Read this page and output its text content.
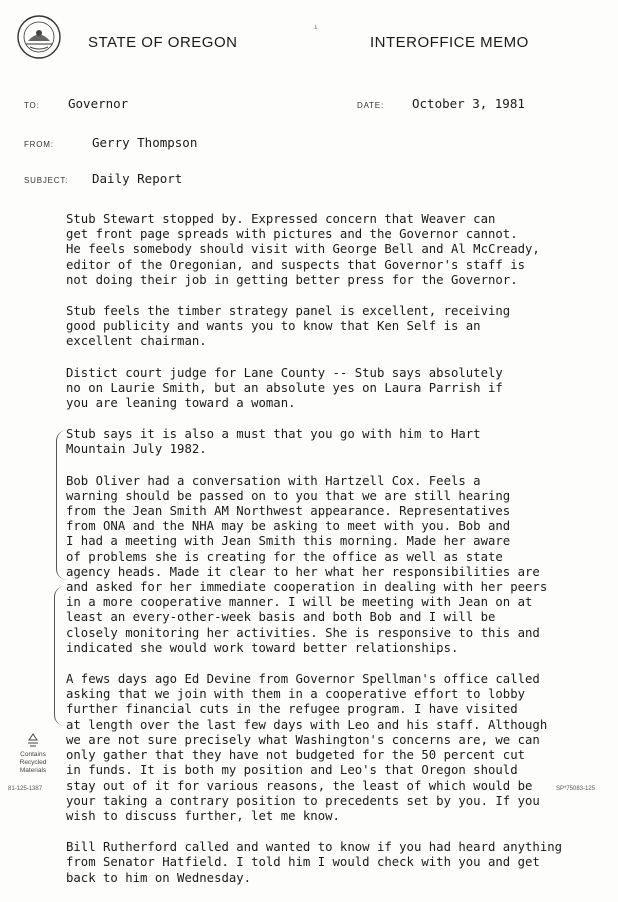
STATE OF OREGON
ı
INTEROFFICE MEMO
TO: Governor	DATE: October 3, 1981
FROM:	Gerry Thompson
SUBJECT: Daily Report

Stub Stewart stopped by. Expressed concern that Weaver can
get front page spreads with pictures and the Governor cannot.
He feels somebody should visit with George Bell and Al McCready,
editor of the Oregonian, and suspects that Governor's staff is
not doing their job in getting better press for the Governor.

Stub feels the timber strategy panel is excellent, receiving
good publicity and wants you to know that Ken Self is an
excellent chairman.

Distict court judge for Lane County -- Stub says absolutely
no on Laurie Smith, but an absolute yes on Laura Parrish if
you are leaning toward a woman.

Stub says it is also a must that you go with him to Hart
Mountain July 1982.

Bob Oliver had a conversation with Hartzell Cox. Feels a
warning should be passed on to you that we are still hearing
from the Jean Smith AM Northwest appearance. Representatives
from ONA and the NHA may be asking to meet with you. Bob and
I had a meeting with Jean Smith this morning. Made her aware
of problems she is creating for the office as well as state
agency heads. Made it clear to her what her responsibilities are
and asked for her immediate cooperation in dealing with her peers
in a more cooperative manner. I will be meeting with Jean on at
least an every-other-week basis and both Bob and I will be
closely monitoring her activities. She is responsive to this and
indicated she would work toward better relationships.

A fews days ago Ed Devine from Governor Spellman's office called
asking that we join with them in a cooperative effort to lobby
further financial cuts in the refugee program. I have visited
at length over the last few days with Leo and his staff. Although
we are not sure precisely what Washington's concerns are, we can
only gather that they have not budgeted for the 50 percent cut
in funds. It is both my position and Leo's that Oregon should
stay out of it for various reasons, the least of which would be
your taking a contrary position to precedents set by you. If you
wish to discuss further, let me know.

Bill Rutherford called and wanted to know if you had heard anything
from Senator Hatfield. I told him I would check with you and get
back to him on Wednesday.

Contains
Recycled
Materials
81-125-1387	SP*75083-125
